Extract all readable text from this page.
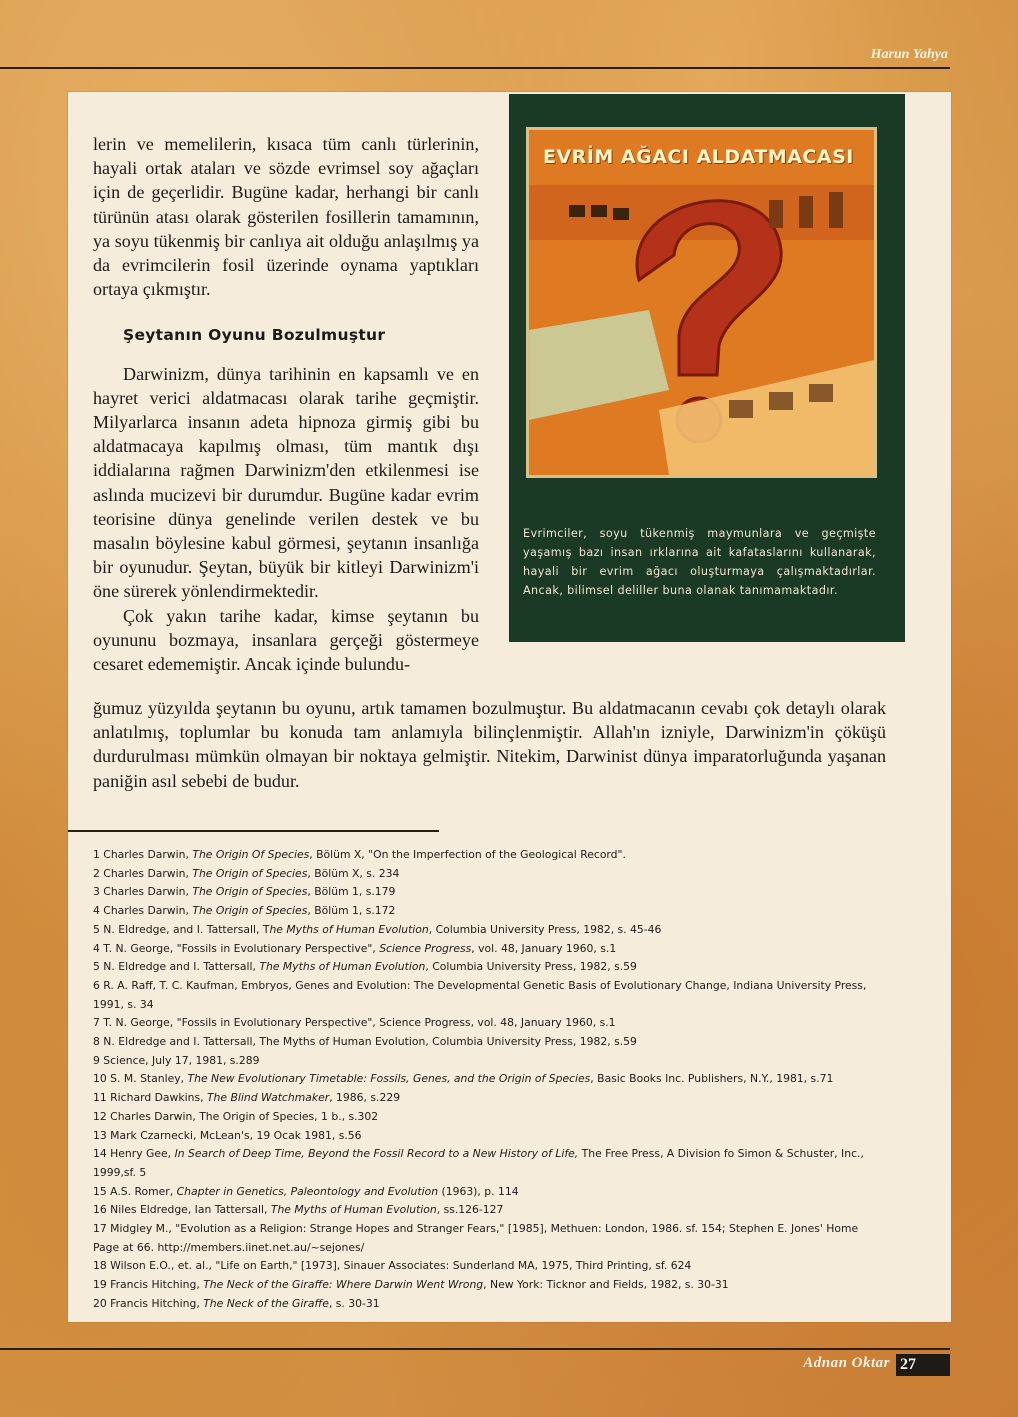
Harun Yahya

lerin ve memelilerin, kısaca tüm canlı türlerinin, hayali ortak ataları ve sözde evrimsel soy ağaçları için de geçerlidir. Bugüne kadar, herhangi bir canlı türünün atası olarak gösterilen fosillerin tamamının, ya soyu tükenmiş bir canlıya ait olduğu anlaşılmış ya da evrimcilerin fosil üzerinde oynama yaptıkları ortaya çıkmıştır.

Şeytanın Oyunu Bozulmuştur

Darwinizm, dünya tarihinin en kapsamlı ve en hayret verici aldatmacası olarak tarihe geçmiştir. Milyarlarca insanın adeta hipnoza girmiş gibi bu aldatmacaya kapılmış olması, tüm mantık dışı iddialarına rağmen Darwinizm'den etkilenmesi ise aslında mucizevi bir durumdur. Bugüne kadar evrim teorisine dünya genelinde verilen destek ve bu masalın böylesine kabul görmesi, şeytanın insanlığa bir oyunudur. Şeytan, büyük bir kitleyi Darwinizm'i öne sürerek yönlendirmektedir.

Çok yakın tarihe kadar, kimse şeytanın bu oyununu bozmaya, insanlara gerçeği göstermeye cesaret edememiştir. Ancak içinde bulundu-

ğumuz yüzyılda şeytanın bu oyunu, artık tamamen bozulmuştur. Bu aldatmacanın cevabı çok detaylı olarak anlatılmış, toplumlar bu konuda tam anlamıyla bilinçlenmiştir. Allah'ın izniyle, Darwinizm'in çöküşü durdurulması mümkün olmayan bir noktaya gelmiştir. Nitekim, Darwinist dünya imparatorluğunda yaşanan paniğin asıl sebebi de budur.
EVRİM AĞACI ALDATMACASI
Evrimciler, soyu tükenmiş maymunlara ve geçmişte yaşamış bazı insan ırklarına ait kafataslarını kullanarak, hayali bir evrim ağacı oluşturmaya çalışmaktadırlar. Ancak, bilimsel deliller buna olanak tanımamaktadır.
1 Charles Darwin, The Origin Of Species, Bölüm X, "On the Imperfection of the Geological Record".
2 Charles Darwin, The Origin of Species, Bölüm X, s. 234
3 Charles Darwin, The Origin of Species, Bölüm 1, s.179
4 Charles Darwin, The Origin of Species, Bölüm 1, s.172
5 N. Eldredge, and I. Tattersall, The Myths of Human Evolution, Columbia University Press, 1982, s. 45-46
4 T. N. George, "Fossils in Evolutionary Perspective", Science Progress, vol. 48, January 1960, s.1
5 N. Eldredge and I. Tattersall, The Myths of Human Evolution, Columbia University Press, 1982, s.59
6 R. A. Raff, T. C. Kaufman, Embryos, Genes and Evolution: The Developmental Genetic Basis of Evolutionary Change, Indiana University Press, 1991, s. 34
7 T. N. George, "Fossils in Evolutionary Perspective", Science Progress, vol. 48, January 1960, s.1
8 N. Eldredge and I. Tattersall, The Myths of Human Evolution, Columbia University Press, 1982, s.59
9 Science, July 17, 1981, s.289
10 S. M. Stanley, The New Evolutionary Timetable: Fossils, Genes, and the Origin of Species, Basic Books Inc. Publishers, N.Y., 1981, s.71
11 Richard Dawkins, The Blind Watchmaker, 1986, s.229
12 Charles Darwin, The Origin of Species, 1 b., s.302
13 Mark Czarnecki, McLean's, 19 Ocak 1981, s.56
14 Henry Gee, In Search of Deep Time, Beyond the Fossil Record to a New History of Life, The Free Press, A Division fo Simon & Schuster, Inc., 1999,sf. 5
15 A.S. Romer, Chapter in Genetics, Paleontology and Evolution (1963), p. 114
16 Niles Eldredge, Ian Tattersall, The Myths of Human Evolution, ss.126-127
17 Midgley M., "Evolution as a Religion: Strange Hopes and Stranger Fears," [1985], Methuen: London, 1986. sf. 154; Stephen E. Jones' Home Page at 66. http://members.iinet.net.au/~sejones/
18 Wilson E.O., et. al., "Life on Earth," [1973], Sinauer Associates: Sunderland MA, 1975, Third Printing, sf. 624
19 Francis Hitching, The Neck of the Giraffe: Where Darwin Went Wrong, New York: Ticknor and Fields, 1982, s. 30-31
20 Francis Hitching, The Neck of the Giraffe, s. 30-31
Adnan Oktar 27
